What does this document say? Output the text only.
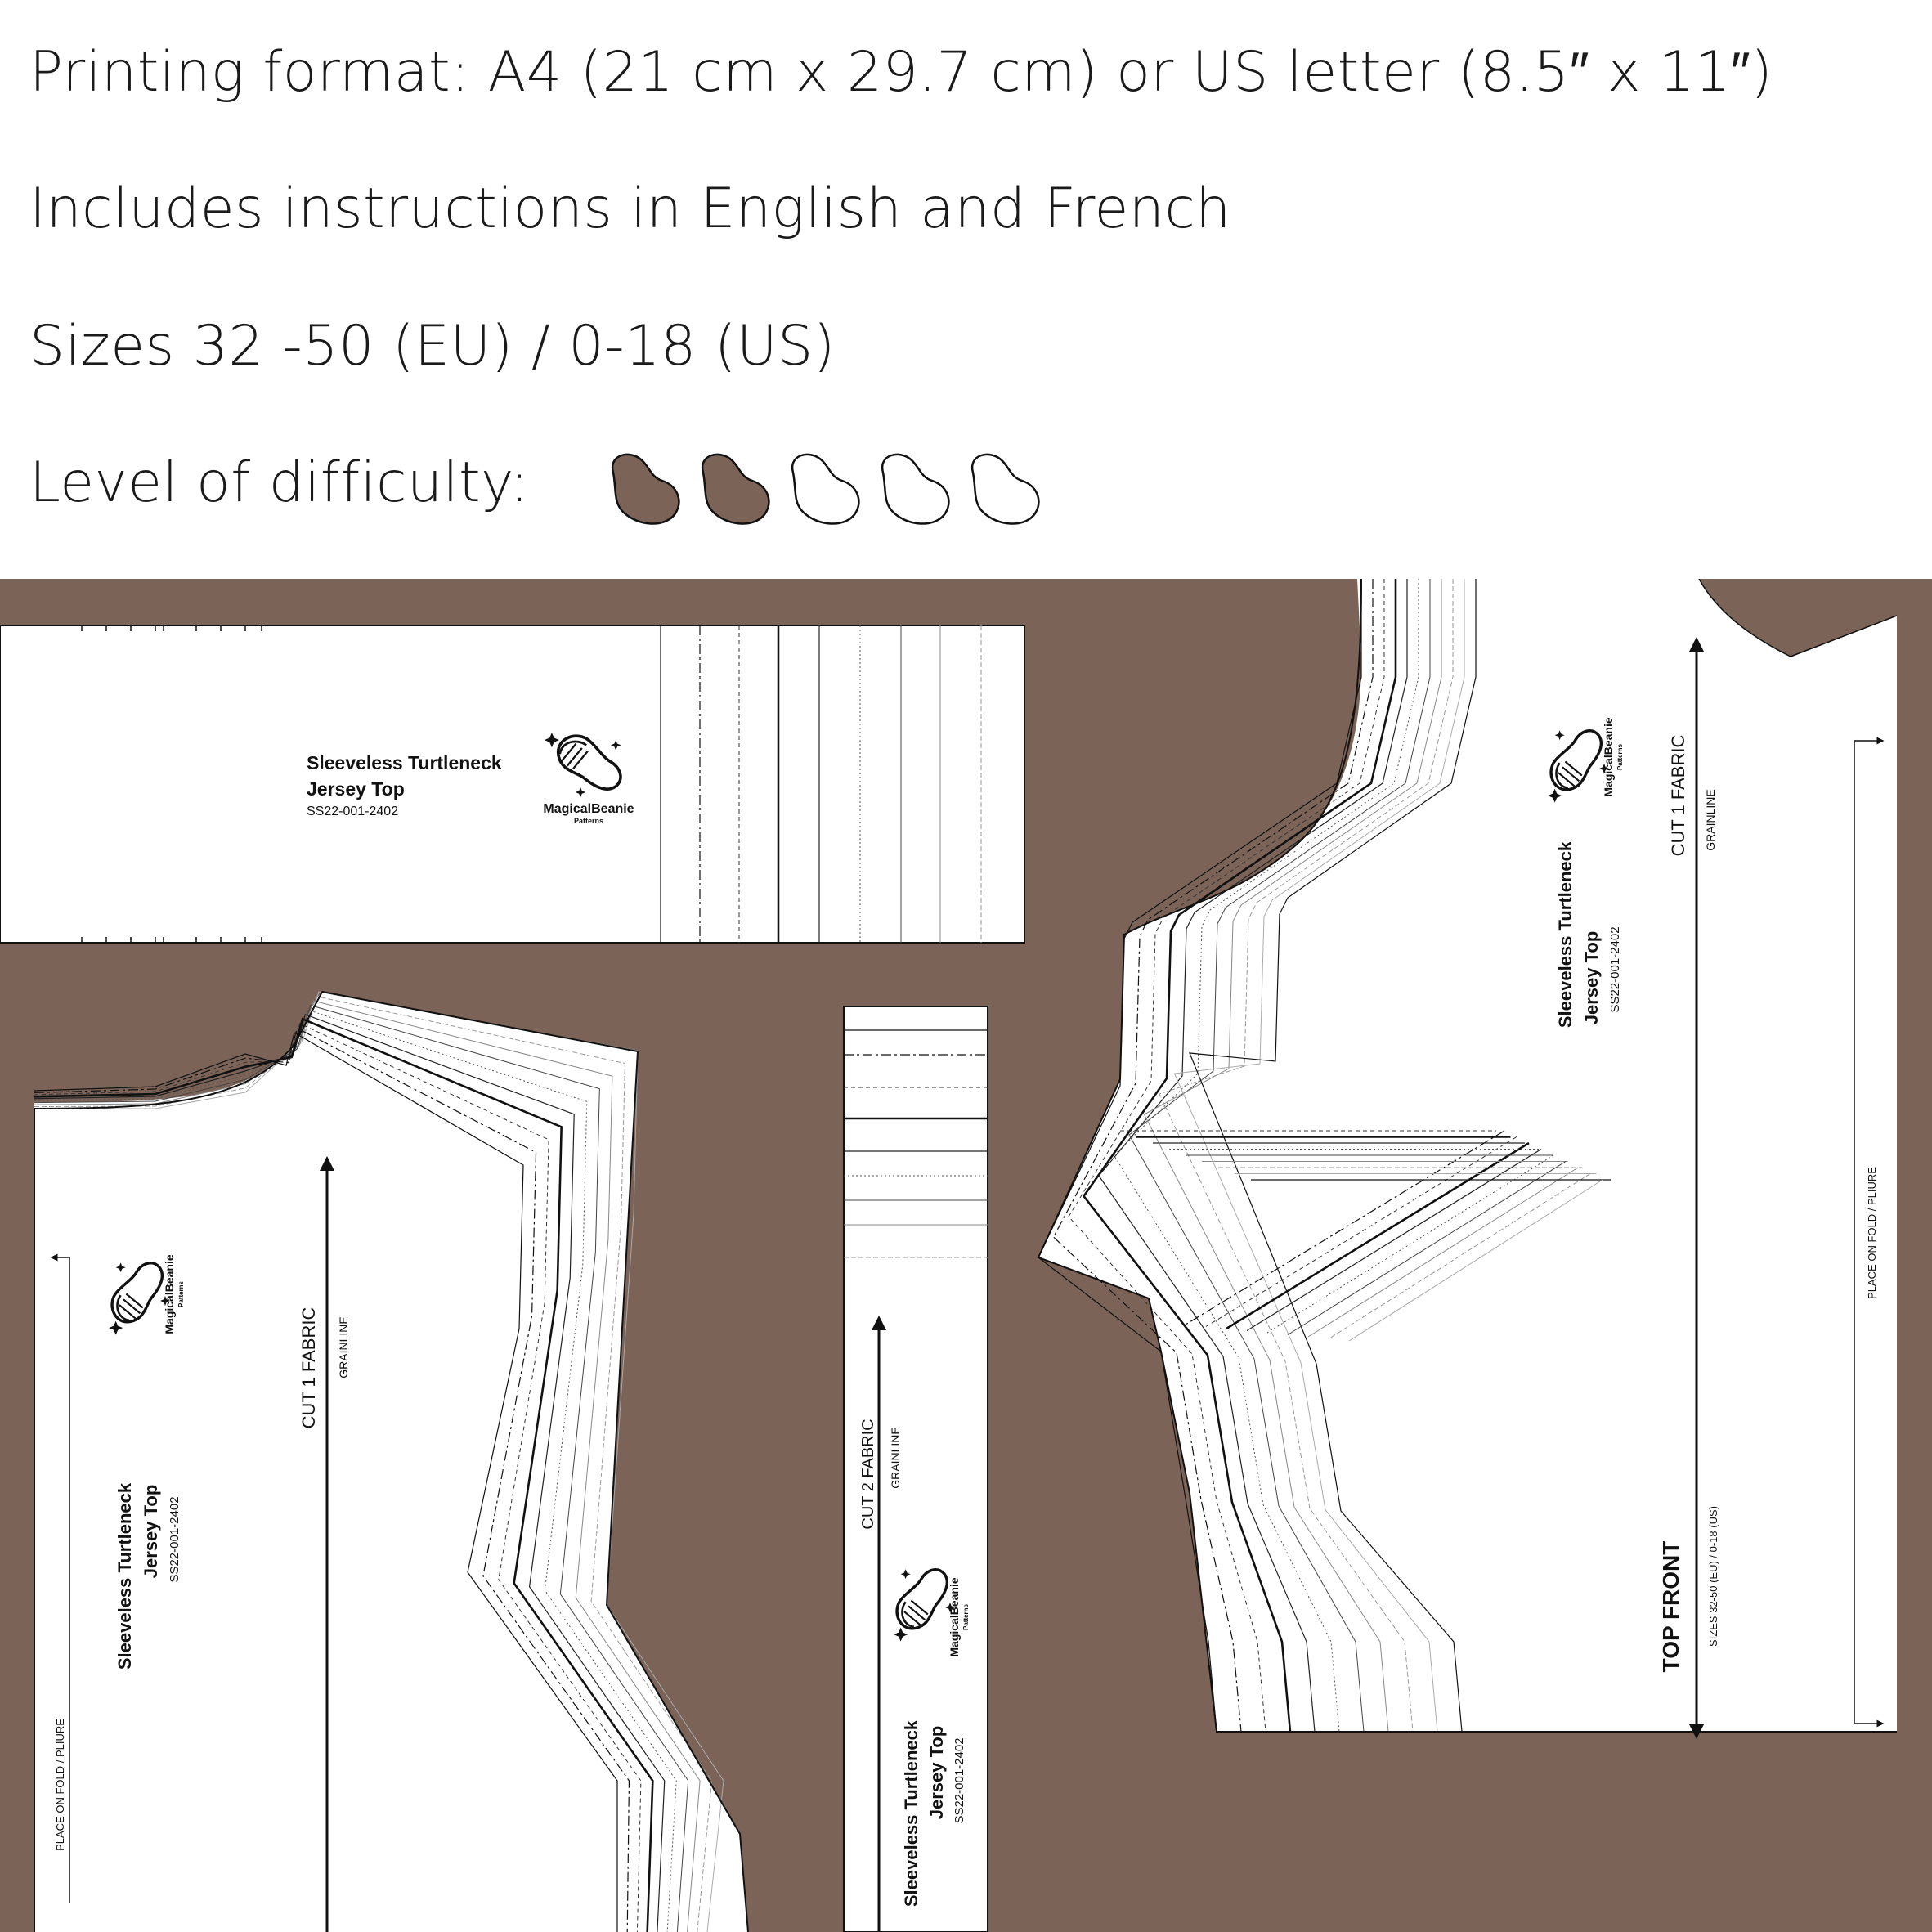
Printing format: A4 (21 cm x 29.7 cm) or US letter (8.5″ x 11″)
Includes instructions in English and French
Sizes 32 -50 (EU) / 0-18 (US)
Level of difficulty:
Sleeveless Turtleneck
Jersey Top
SS22-001-2402	MagicalBeanie
Patterns
CUT 1 FABRIC GRAINLINE
PLACE ON FOLD / PLIURE
Sleeveless Turtleneck Jersey Top SS22-001-2402
MagicalBeanie Patterns
CUT 2 FABRIC GRAINLINE
Sleeveless Turtleneck Jersey Top SS22-001-2402
MagicalBeanie Patterns
CUT 1 FABRIC GRAINLINE
PLACE ON FOLD / PLIURE
TOP FRONT SIZES 32-50 (EU) / 0-18 (US)
Sleeveless Turtleneck Jersey Top SS22-001-2402
MagicalBeanie Patterns
